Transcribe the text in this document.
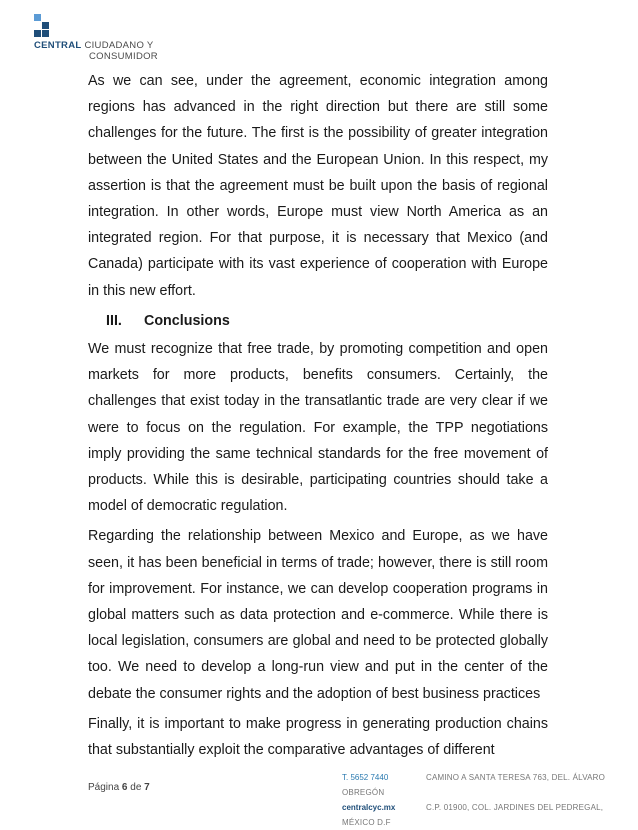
CENTRAL CIUDADANO Y
CONSUMIDOR

As we can see, under the agreement, economic integration among regions has advanced in the right direction but there are still some challenges for the future. The first is the possibility of greater integration between the United States and the European Union. In this respect, my assertion is that the agreement must be built upon the basis of regional integration. In other words, Europe must view North America as an integrated region. For that purpose, it is necessary that Mexico (and Canada) participate with its vast experience of cooperation with Europe in this new effort.

III. Conclusions

We must recognize that free trade, by promoting competition and open markets for more products, benefits consumers. Certainly, the challenges that exist today in the transatlantic trade are very clear if we were to focus on the regulation. For example, the TPP negotiations imply providing the same technical standards for the free movement of products. While this is desirable, participating countries should take a model of democratic regulation.

Regarding the relationship between Mexico and Europe, as we have seen, it has been beneficial in terms of trade; however, there is still room for improvement. For instance, we can develop cooperation programs in global matters such as data protection and e-commerce. While there is local legislation, consumers are global and need to be protected globally too. We need to develop a long-run view and put in the center of the debate the consumer rights and the adoption of best business practices

Finally, it is important to make progress in generating production chains that substantially exploit the comparative advantages of different

Página 6 de 7
T. 5652 7440	CAMINO A SANTA TERESA 763, DEL. ÁLVARO OBREGÓN
centralcyc.mx	C.P. 01900, COL. JARDINES DEL PEDREGAL, MÉXICO D.F
